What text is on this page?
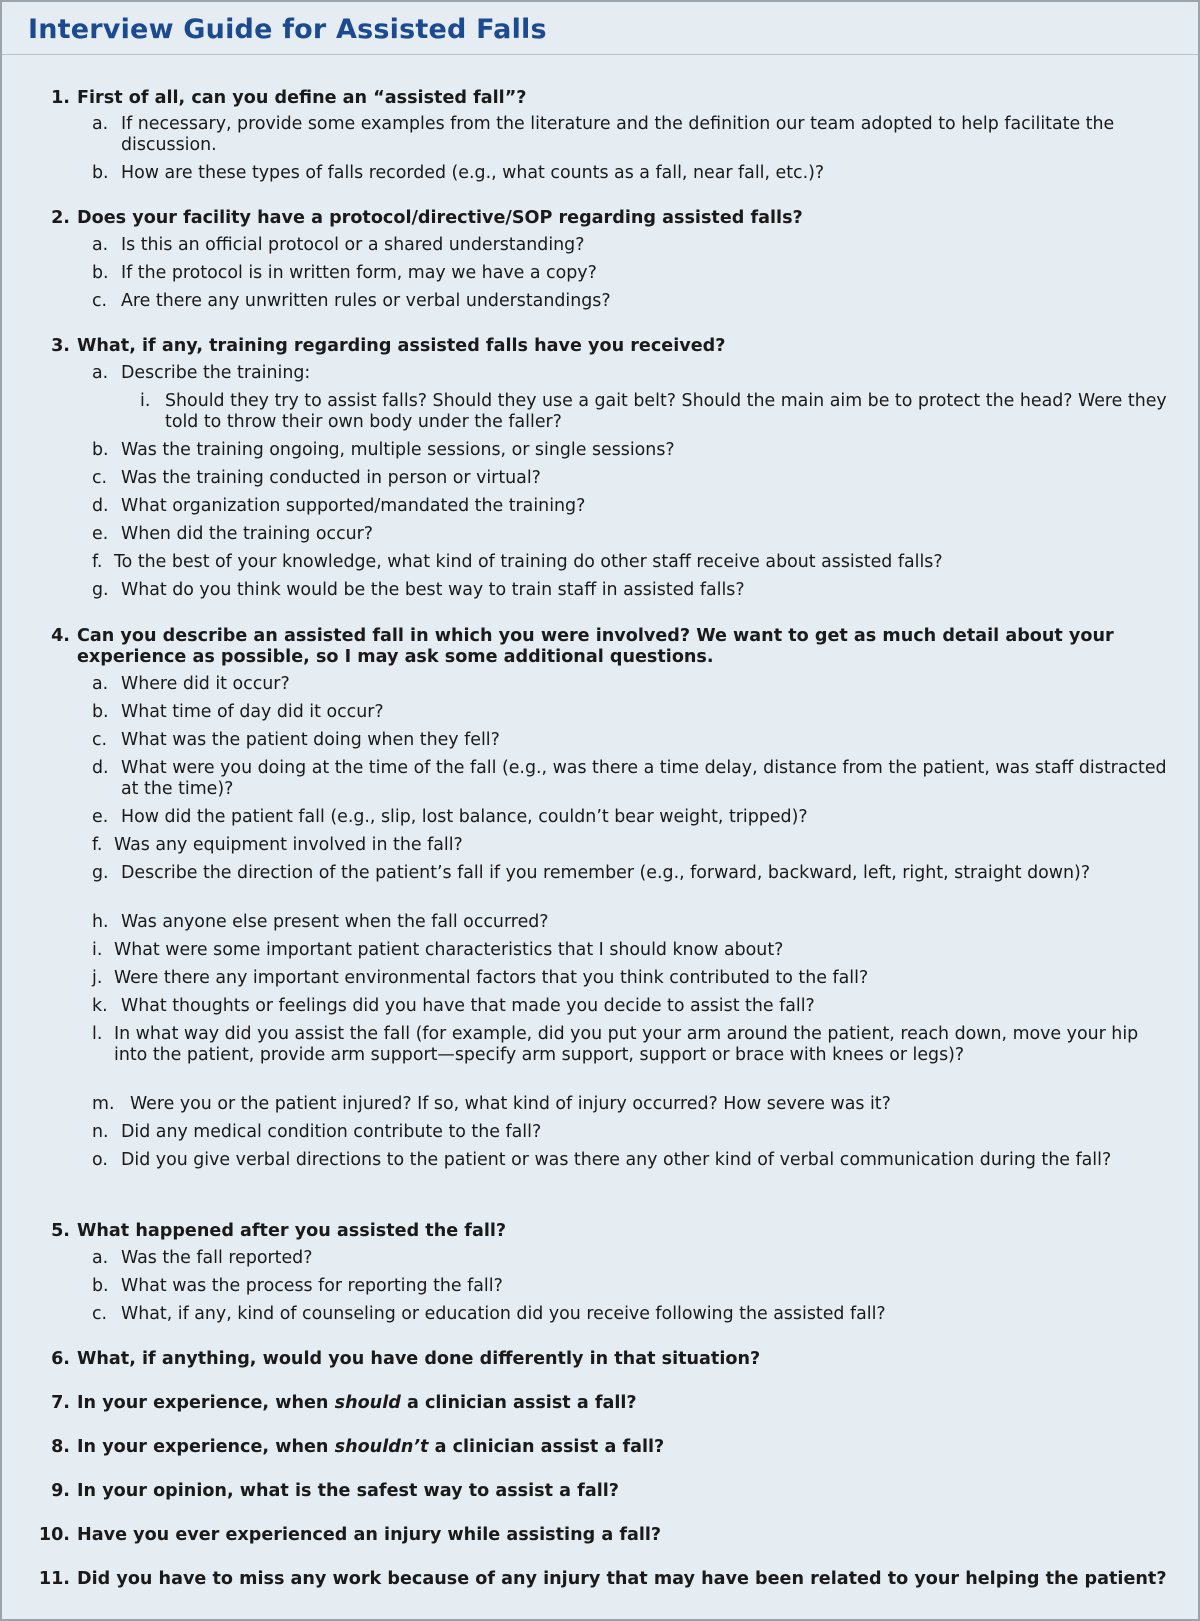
Interview Guide for Assisted Falls
1. First of all, can you define an “assisted fall”?
a. If necessary, provide some examples from the literature and the definition our team adopted to help facilitate the discussion.
b. How are these types of falls recorded (e.g., what counts as a fall, near fall, etc.)?
2. Does your facility have a protocol/directive/SOP regarding assisted falls?
a. Is this an official protocol or a shared understanding?
b. If the protocol is in written form, may we have a copy?
c. Are there any unwritten rules or verbal understandings?
3. What, if any, training regarding assisted falls have you received?
a. Describe the training:
i. Should they try to assist falls? Should they use a gait belt? Should the main aim be to protect the head? Were they told to throw their own body under the faller?
b. Was the training ongoing, multiple sessions, or single sessions?
c. Was the training conducted in person or virtual?
d. What organization supported/mandated the training?
e. When did the training occur?
f. To the best of your knowledge, what kind of training do other staff receive about assisted falls?
g. What do you think would be the best way to train staff in assisted falls?
4. Can you describe an assisted fall in which you were involved? We want to get as much detail about your experience as possible, so I may ask some additional questions.
a. Where did it occur?
b. What time of day did it occur?
c. What was the patient doing when they fell?
d. What were you doing at the time of the fall (e.g., was there a time delay, distance from the patient, was staff distracted at the time)?
e. How did the patient fall (e.g., slip, lost balance, couldn’t bear weight, tripped)?
f. Was any equipment involved in the fall?
g. Describe the direction of the patient’s fall if you remember (e.g., forward, backward, left, right, straight down)?
h. Was anyone else present when the fall occurred?
i. What were some important patient characteristics that I should know about?
j. Were there any important environmental factors that you think contributed to the fall?
k. What thoughts or feelings did you have that made you decide to assist the fall?
l. In what way did you assist the fall (for example, did you put your arm around the patient, reach down, move your hip into the patient, provide arm support—specify arm support, support or brace with knees or legs)?
m. Were you or the patient injured? If so, what kind of injury occurred? How severe was it?
n. Did any medical condition contribute to the fall?
o. Did you give verbal directions to the patient or was there any other kind of verbal communication during the fall?
5. What happened after you assisted the fall?
a. Was the fall reported?
b. What was the process for reporting the fall?
c. What, if any, kind of counseling or education did you receive following the assisted fall?
6. What, if anything, would you have done differently in that situation?
7. In your experience, when should a clinician assist a fall?
8. In your experience, when shouldn’t a clinician assist a fall?
9. In your opinion, what is the safest way to assist a fall?
10. Have you ever experienced an injury while assisting a fall?
11. Did you have to miss any work because of any injury that may have been related to your helping the patient?
